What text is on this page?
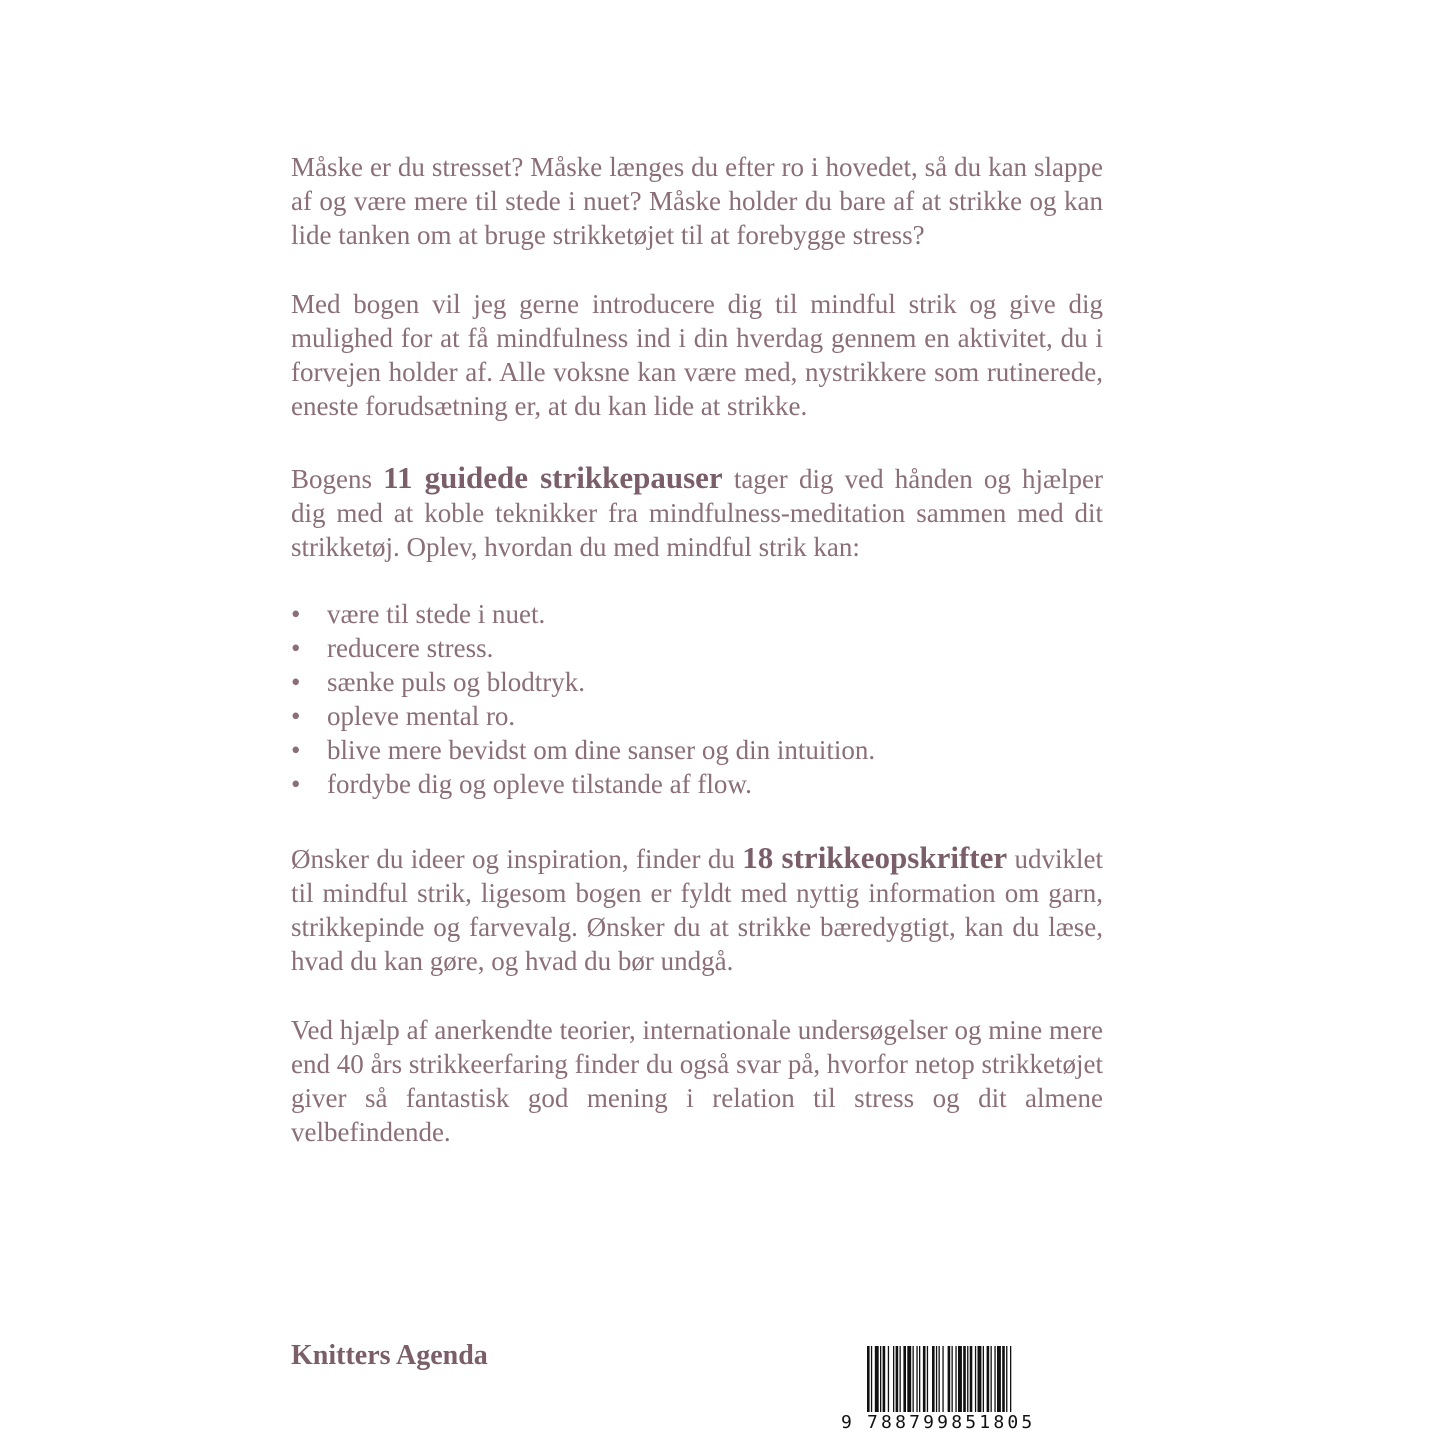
Måske er du stresset? Måske længes du efter ro i hovedet, så du kan slappe af og være mere til stede i nuet? Måske holder du bare af at strikke og kan lide tanken om at bruge strikketøjet til at forebygge stress?

Med bogen vil jeg gerne introducere dig til mindful strik og give dig mulighed for at få mindfulness ind i din hverdag gennem en aktivitet, du i forvejen holder af. Alle voksne kan være med, nystrikkere som rutinerede, eneste forudsætning er, at du kan lide at strikke.

Bogens 11 guidede strikkepauser tager dig ved hånden og hjælper dig med at koble teknikker fra mindfulness-meditation sammen med dit strikketøj. Oplev, hvordan du med mindful strik kan:

• være til stede i nuet.
• reducere stress.
• sænke puls og blodtryk.
• opleve mental ro.
• blive mere bevidst om dine sanser og din intuition.
• fordybe dig og opleve tilstande af flow.

Ønsker du ideer og inspiration, finder du 18 strikkeopskrifter udviklet til mindful strik, ligesom bogen er fyldt med nyttig information om garn, strikkepinde og farvevalg. Ønsker du at strikke bæredygtigt, kan du læse, hvad du kan gøre, og hvad du bør undgå.

Ved hjælp af anerkendte teorier, internationale undersøgelser og mine mere end 40 års strikkeerfaring finder du også svar på, hvorfor netop strikketøjet giver så fantastisk god mening i relation til stress og dit almene velbefindende.

Knitters Agenda
9 788799851805
